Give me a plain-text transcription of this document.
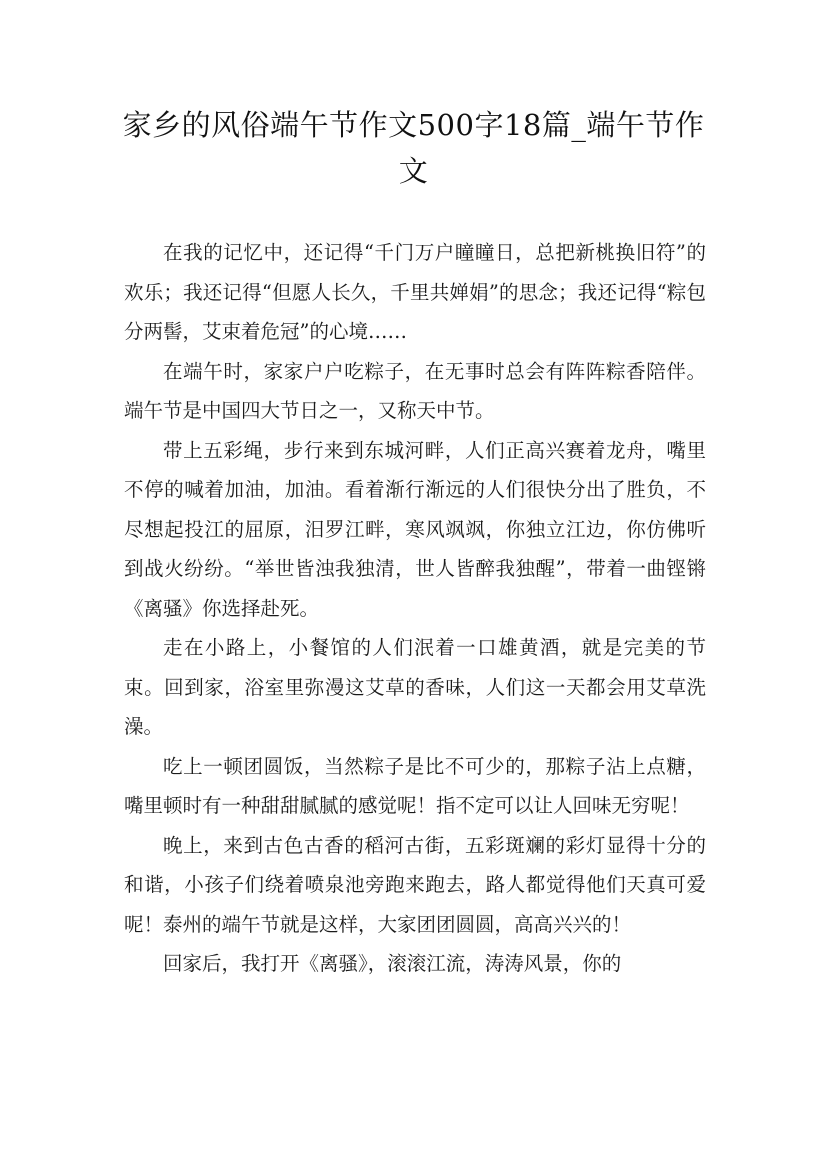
家乡的风俗端午节作文500字18篇_端午节作文

在我的记忆中，还记得“千门万户瞳瞳日，总把新桃换旧符”的欢乐；我还记得“但愿人长久，千里共婵娟”的思念；我还记得“粽包分两髻，艾束着危冠”的心境……

在端午时，家家户户吃粽子，在无事时总会有阵阵粽香陪伴。端午节是中国四大节日之一，又称天中节。

带上五彩绳，步行来到东城河畔，人们正高兴赛着龙舟，嘴里不停的喊着加油，加油。看着渐行渐远的人们很快分出了胜负，不尽想起投江的屈原，汨罗江畔，寒风飒飒，你独立江边，你仿佛听到战火纷纷。“举世皆浊我独清，世人皆醉我独醒”，带着一曲铿锵《离骚》你选择赴死。

走在小路上，小餐馆的人们泯着一口雄黄酒，就是完美的节束。回到家，浴室里弥漫这艾草的香味，人们这一天都会用艾草洗澡。

吃上一顿团圆饭，当然粽子是比不可少的，那粽子沾上点糖，嘴里顿时有一种甜甜腻腻的感觉呢！指不定可以让人回味无穷呢！

晚上，来到古色古香的稻河古街，五彩斑斓的彩灯显得十分的和谐，小孩子们绕着喷泉池旁跑来跑去，路人都觉得他们天真可爱呢！泰州的端午节就是这样，大家团团圆圆，高高兴兴的！

回家后，我打开《离骚》，滚滚江流，涛涛风景，你的
